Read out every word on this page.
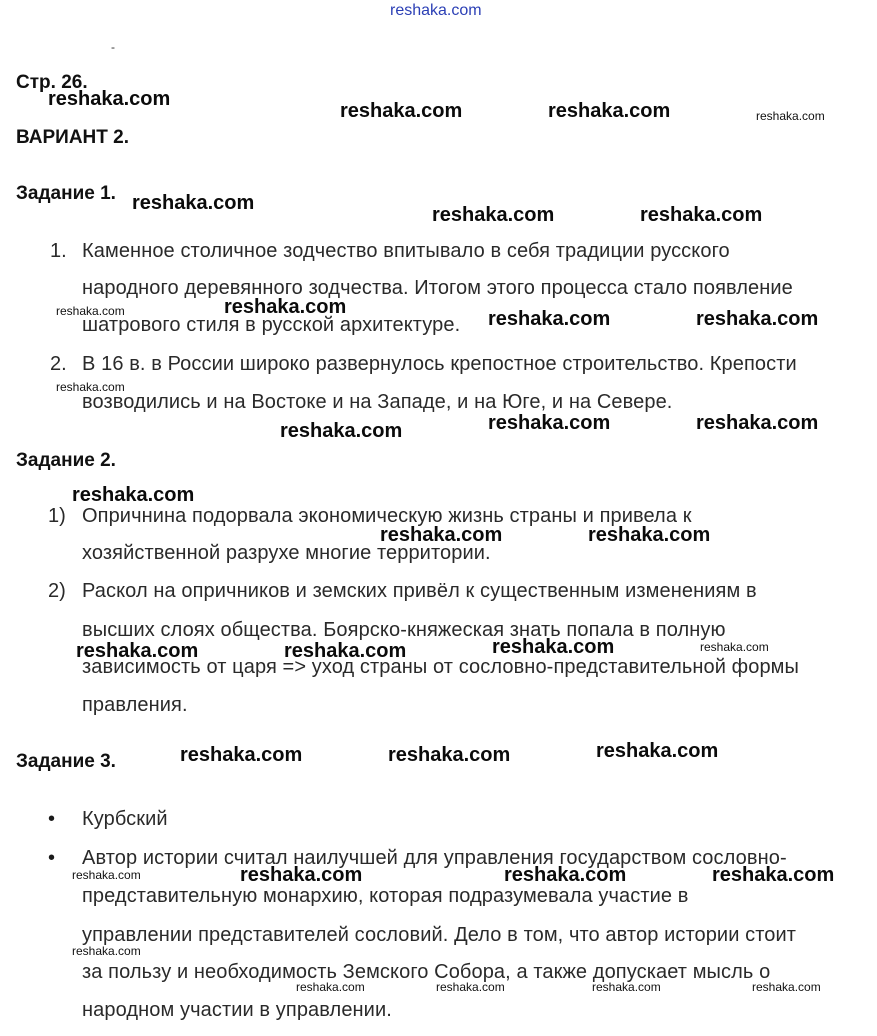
reshaka.com
-
Стр. 26.
ВАРИАНТ 2.
Задание 1.
1. Каменное столичное зодчество впитывало в себя традиции русского
народного деревянного зодчества. Итогом этого процесса стало появление
шатрового стиля в русской архитектуре.
2. В 16 в. в России широко развернулось крепостное строительство. Крепости
возводились и на Востоке и на Западе, и на Юге, и на Севере.
Задание 2.
1) Опричнина подорвала экономическую жизнь страны и привела к
хозяйственной разрухе многие территории.
2) Раскол на опричников и земских привёл к существенным изменениям в
высших слоях общества. Боярско-княжеская знать попала в полную
зависимость от царя => уход страны от сословно-представительной формы
правления.
Задание 3.
• Курбский
• Автор истории считал наилучшей для управления государством сословно-
представительную монархию, которая подразумевала участие в
управлении представителей сословий. Дело в том, что автор истории стоит
за пользу и необходимость Земского Собора, а также допускает мысль о
народном участии в управлении.
reshaka.com
reshaka.com	reshaka.com
reshaka.com
reshaka.com	reshaka.com
reshaka.com
reshaka.com	reshaka.com
reshaka.com	reshaka.com	reshaka.com
reshaka.com
reshaka.com	reshaka.com
reshaka.com	reshaka.com	reshaka.com
reshaka.com	reshaka.com	reshaka.com
reshaka.com	reshaka.com	reshaka.com
reshaka.com
reshaka.com
reshaka.com
reshaka.com
reshaka.com
reshaka.com
reshaka.com	reshaka.com	reshaka.com	reshaka.com
